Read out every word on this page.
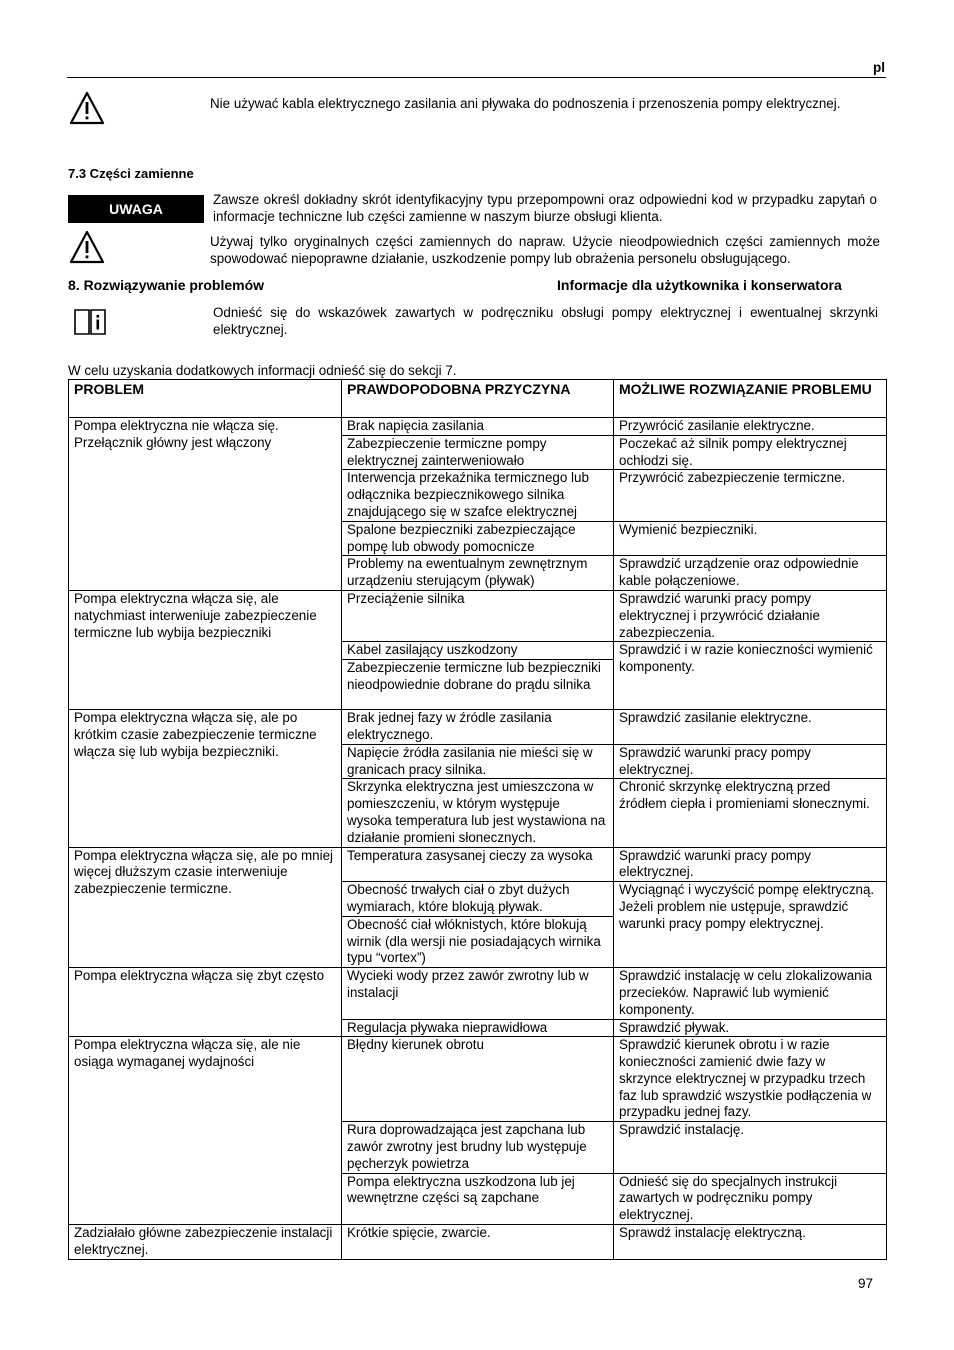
pl
Nie używać kabla elektrycznego zasilania ani pływaka do podnoszenia i przenoszenia pompy elektrycznej.
7.3 Części zamienne
UWAGA
Zawsze określ dokładny skrót identyfikacyjny typu przepompowni oraz odpowiedni kod w przypadku zapytań o informacje techniczne lub części zamienne w naszym biurze obsługi klienta.
Używaj tylko oryginalnych części zamiennych do napraw. Użycie nieodpowiednich części zamiennych może spowodować niepoprawne działanie, uszkodzenie pompy lub obrażenia personelu obsługującego.
8. Rozwiązywanie problemów	Informacje dla użytkownika i konserwatora
Odnieść się do wskazówek zawartych w podręczniku obsługi pompy elektrycznej i ewentualnej skrzynki elektrycznej.
W celu uzyskania dodatkowych informacji odnieść się do sekcji 7.
PROBLEM	PRAWDOPODOBNA PRZYCZYNA	MOŻLIWE ROZWIĄZANIE PROBLEMU
Pompa elektryczna nie włącza się. Przełącznik główny jest włączony	Brak napięcia zasilania	Przywrócić zasilanie elektryczne.
	Zabezpieczenie termiczne pompy elektrycznej zainterweniowało	Poczekać aż silnik pompy elektrycznej ochłodzi się.
	Interwencja przekaźnika termicznego lub odłącznika bezpiecznikowego silnika znajdującego się w szafce elektrycznej	Przywrócić zabezpieczenie termiczne.
	Spalone bezpieczniki zabezpieczające pompę lub obwody pomocnicze	Wymienić bezpieczniki.
	Problemy na ewentualnym zewnętrznym urządzeniu sterującym (pływak)	Sprawdzić urządzenie oraz odpowiednie kable połączeniowe.
Pompa elektryczna włącza się, ale natychmiast interweniuje zabezpieczenie termiczne lub wybija bezpieczniki	Przeciążenie silnika	Sprawdzić warunki pracy pompy elektrycznej i przywrócić działanie zabezpieczenia.
	Kabel zasilający uszkodzony	Sprawdzić i w razie konieczności wymienić komponenty.
	Zabezpieczenie termiczne lub bezpieczniki nieodpowiednie dobrane do prądu silnika	
Pompa elektryczna włącza się, ale po krótkim czasie zabezpieczenie termiczne włącza się lub wybija bezpieczniki.	Brak jednej fazy w źródle zasilania elektrycznego.	Sprawdzić zasilanie elektryczne.
	Napięcie źródła zasilania nie mieści się w granicach pracy silnika.	Sprawdzić warunki pracy pompy elektrycznej.
	Skrzynka elektryczna jest umieszczona w pomieszczeniu, w którym występuje wysoka temperatura lub jest wystawiona na działanie promieni słonecznych.	Chronić skrzynkę elektryczną przed źródłem ciepła i promieniami słonecznymi.
Pompa elektryczna włącza się, ale po mniej więcej dłuższym czasie interweniuje zabezpieczenie termiczne.	Temperatura zasysanej cieczy za wysoka	Sprawdzić warunki pracy pompy elektrycznej.
	Obecność trwałych ciał o zbyt dużych wymiarach, które blokują pływak.	Wyciągnąć i wyczyścić pompę elektryczną. Jeżeli problem nie ustępuje, sprawdzić warunki pracy pompy elektrycznej.
	Obecność ciał włóknistych, które blokują wirnik (dla wersji nie posiadających wirnika typu “vortex”)	
Pompa elektryczna włącza się zbyt często	Wycieki wody przez zawór zwrotny lub w instalacji	Sprawdzić instalację w celu zlokalizowania przecieków. Naprawić lub wymienić komponenty.
	Regulacja pływaka nieprawidłowa	Sprawdzić pływak.
Pompa elektryczna włącza się, ale nie osiąga wymaganej wydajności	Błędny kierunek obrotu	Sprawdzić kierunek obrotu i w razie konieczności zamienić dwie fazy w skrzynce elektrycznej w przypadku trzech faz lub sprawdzić wszystkie podłączenia w przypadku jednej fazy.
	Rura doprowadzająca jest zapchana lub zawór zwrotny jest brudny lub występuje pęcherzyk powietrza	Sprawdzić instalację.
	Pompa elektryczna uszkodzona lub jej wewnętrzne części są zapchane	Odnieść się do specjalnych instrukcji zawartych w podręczniku pompy elektrycznej.
Zadziałało główne zabezpieczenie instalacji elektrycznej.	Krótkie spięcie, zwarcie.	Sprawdź instalację elektryczną.
97
